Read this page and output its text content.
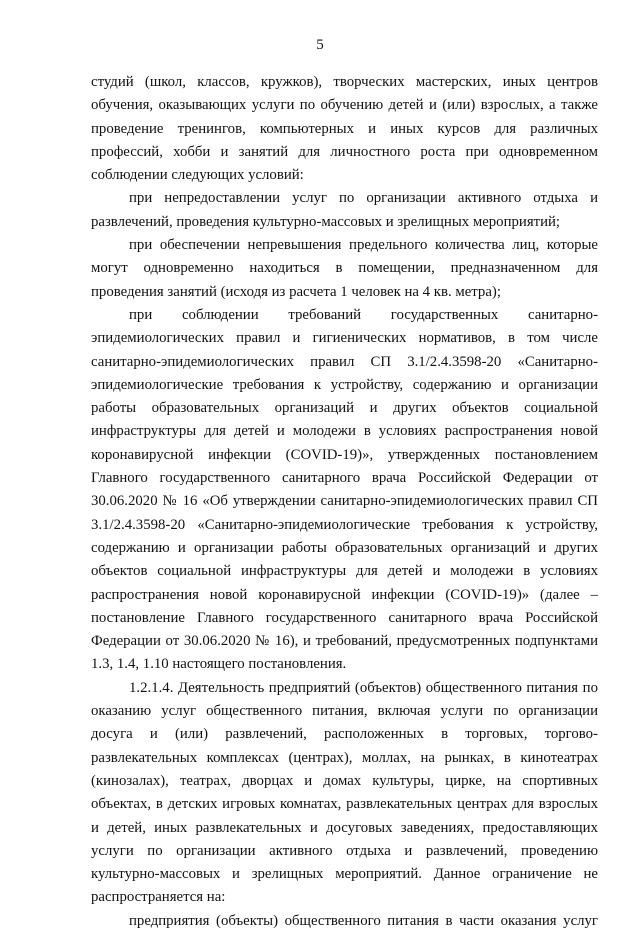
5

студий (школ, классов, кружков), творческих мастерских, иных центров обучения, оказывающих услуги по обучению детей и (или) взрослых, а также проведение тренингов, компьютерных и иных курсов для различных профессий, хобби и занятий для личностного роста при одновременном соблюдении следующих условий:

при непредоставлении услуг по организации активного отдыха и развлечений, проведения культурно-массовых и зрелищных мероприятий;

при обеспечении непревышения предельного количества лиц, которые могут одновременно находиться в помещении, предназначенном для проведения занятий (исходя из расчета 1 человек на 4 кв. метра);

при соблюдении требований государственных санитарно-эпидемиологических правил и гигиенических нормативов, в том числе санитарно-эпидемиологических правил СП 3.1/2.4.3598-20 «Санитарно-эпидемиологические требования к устройству, содержанию и организации работы образовательных организаций и других объектов социальной инфраструктуры для детей и молодежи в условиях распространения новой коронавирусной инфекции (COVID-19)», утвержденных постановлением Главного государственного санитарного врача Российской Федерации от 30.06.2020 № 16 «Об утверждении санитарно-эпидемиологических правил СП 3.1/2.4.3598-20 «Санитарно-эпидемиологические требования к устройству, содержанию и организации работы образовательных организаций и других объектов социальной инфраструктуры для детей и молодежи в условиях распространения новой коронавирусной инфекции (COVID-19)» (далее – постановление Главного государственного санитарного врача Российской Федерации от 30.06.2020 № 16), и требований, предусмотренных подпунктами 1.3, 1.4, 1.10 настоящего постановления.

1.2.1.4. Деятельность предприятий (объектов) общественного питания по оказанию услуг общественного питания, включая услуги по организации досуга и (или) развлечений, расположенных в торговых, торгово-развлекательных комплексах (центрах), моллах, на рынках, в кинотеатрах (кинозалах), театрах, дворцах и домах культуры, цирке, на спортивных объектах, в детских игровых комнатах, развлекательных центрах для взрослых и детей, иных развлекательных и досуговых заведениях, предоставляющих услуги по организации активного отдыха и развлечений, проведению культурно-массовых и зрелищных мероприятий. Данное ограничение не распространяется на:

предприятия (объекты) общественного питания в части оказания услуг
